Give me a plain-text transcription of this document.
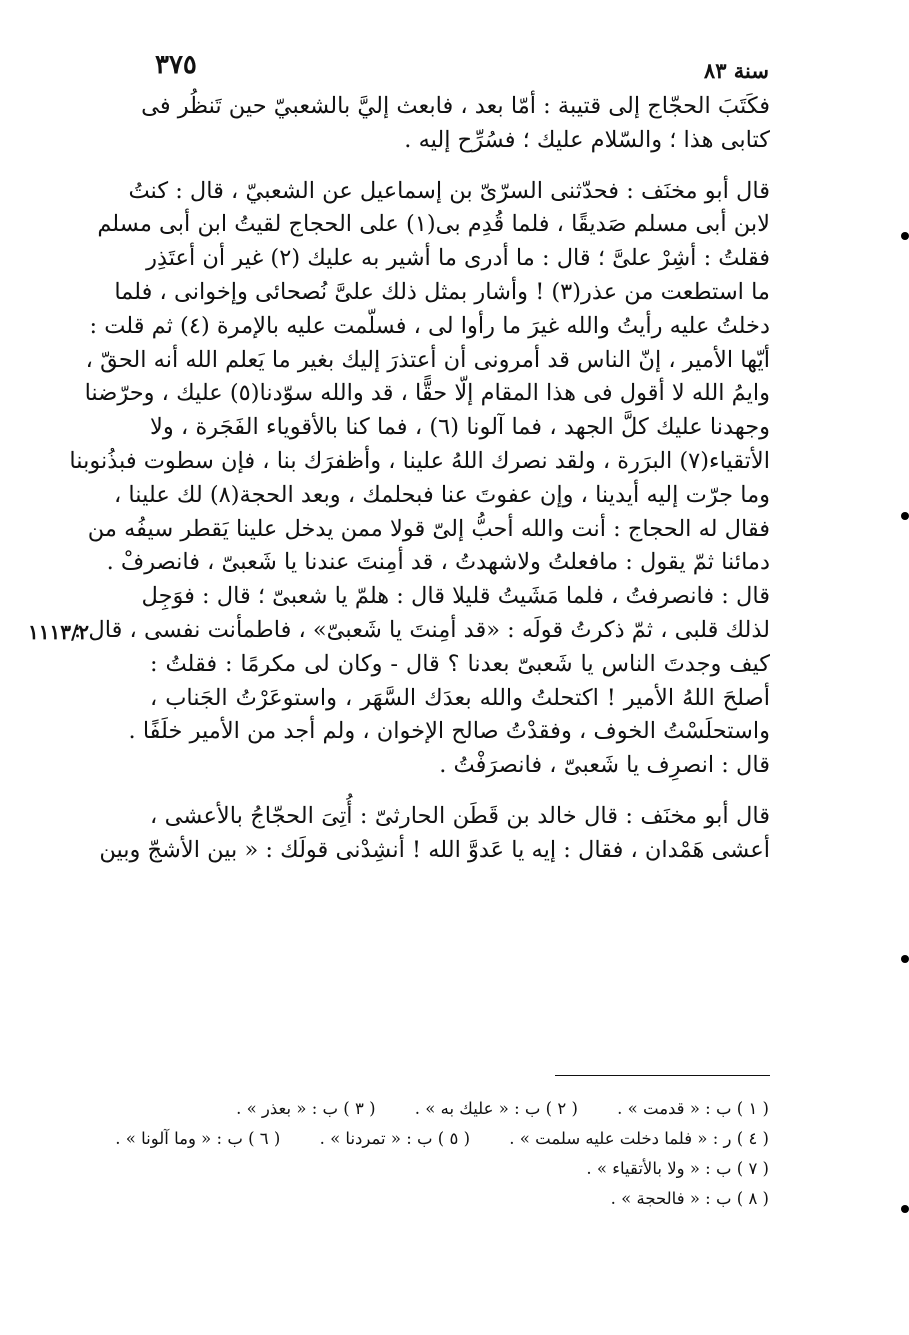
٣٧٥	سنة ٨٣

فكَتَبَ الحجّاج إلى قتيبة : أمّا بعد ، فابعث إليَّ بالشعبيّ حين تَنظُر فى
كتابى هذا ؛ والسّلام عليك ؛ فسُرِّح إليه .

قال أبو مخنَف : فحدّثنى السرّىّ بن إسماعيل عن الشعبيّ ، قال : كنتُ
لابن أبى مسلم صَديقًا ، فلما قُدِم بى(١) على الحجاج لقيتُ ابن أبى مسلم
فقلتُ : أشِرْ علىَّ ؛ قال : ما أدرى ما أشير به عليك (٢) غير أن أعتَذِر
ما استطعت من عذر(٣) ! وأشار بمثل ذلك علىَّ نُصحائى وإخوانى ، فلما
دخلتُ عليه رأيتُ والله غيرَ ما رأوا لى ، فسلّمت عليه بالإمرة (٤) ثم قلت :
أيّها الأمير ، إنّ الناس قد أمرونى أن أعتذرَ إليك بغير ما يَعلم الله أنه الحقّ ،
وايمُ الله لا أقول فى هذا المقام إلّا حقًّا ، قد والله سوّدنا(٥) عليك ، وحرّضنا
وجهدنا عليك كلَّ الجهد ، فما آلونا (٦) ، فما كنا بالأقوياء الفَجَرة ، ولا
الأتقياء(٧) البرَرة ، ولقد نصرك اللهُ علينا ، وأظفرَك بنا ، فإن سطوت فبذُنوبنا
وما جرّت إليه أيدينا ، وإن عفوتَ عنا فبحلمك ، وبعد الحجة(٨) لك علينا ،
فقال له الحجاج : أنت والله أحبُّ إلىّ قولا ممن يدخل علينا يَقطر سيفُه من
دمائنا ثمّ يقول : مافعلتُ ولاشهدتُ ، قد أمِنتَ عندنا يا شَعبىّ ، فانصرفْ .
قال : فانصرفتُ ، فلما مَشَيتُ قليلا قال : هلمّ يا شعبىّ ؛ قال : فوَجِل
لذلك قلبى ، ثمّ ذكرتُ قولَه : «قد أمِنتَ يا شَعبىّ» ، فاطمأنت نفسى ، قال :
كيف وجدتَ الناس يا شَعبىّ بعدنا ؟ قال - وكان لى مكرمًا : فقلتُ :
أصلحَ اللهُ الأمير ! اكتحلتُ والله بعدَك السَّهَر ، واستوعَرْتُ الجَناب ،
واستحلَسْتُ الخوف ، وفقدْتُ صالح الإخوان ، ولم أجد من الأمير خلَفًا .
قال : انصرِف يا شَعبىّ ، فانصرَفْتُ .

قال أبو مخنَف : قال خالد بن قَطَن الحارثىّ : أُتِىَ الحجّاجُ بالأعشى ،
أعشى هَمْدان ، فقال : إيه يا عَدوَّ الله ! أنشِدْنى قولَك : « بين الأشجّ وبين

١١١٣/٢
( ١ ) ب : « قدمت » . ( ٢ ) ب : « عليك به » . ( ٣ ) ب : « بعذر » .
( ٤ ) ر : « فلما دخلت عليه سلمت » . ( ٥ ) ب : « تمردنا » . ( ٦ ) ب : « وما آلونا » .
( ٧ ) ب : « ولا بالأتقياء » .
( ٨ ) ب : « فالحجة » .
